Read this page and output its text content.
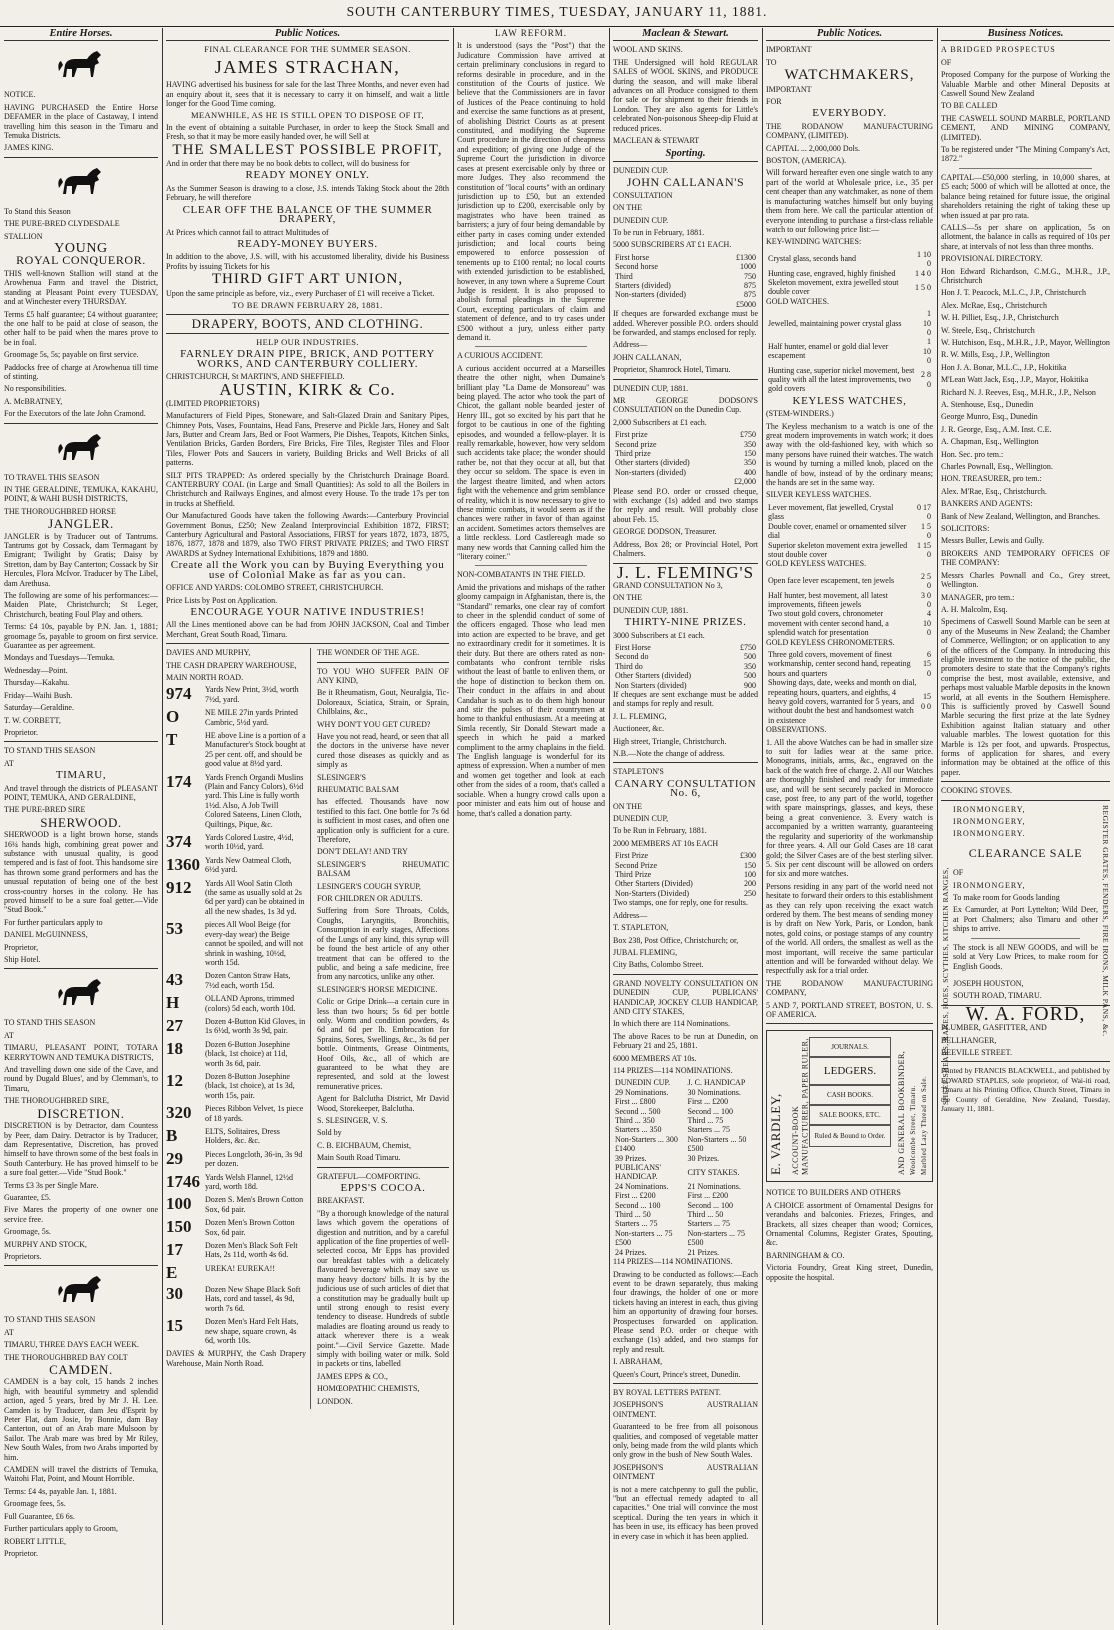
SOUTH CANTERBURY TIMES, TUESDAY, JANUARY 11, 1881.
Entire Horses.

NOTICE.

HAVING PURCHASED the Entire Horse DEFAMER in the place of Castaway, I intend travelling him this season in the Timaru and Temuka Districts.

JAMES KING.

To Stand this Season

THE PURE-BRED CLYDESDALE

STALLION

YOUNG
ROYAL CONQUEROR.

THIS well-known Stallion will stand at the Arowhenua Farm and travel the District, standing at Pleasant Point every TUESDAY, and at Winchester every THURSDAY.

Terms £5 half guarantee; £4 without guarantee; the one half to be paid at close of season, the other half to be paid when the mares prove to be in foal.

Groomage 5s, 5s; payable on first service.

Paddocks free of charge at Arowhenua till time of stinting.

No responsibilities.

A. McBRATNEY,

For the Executors of the late John Cramond.

TO TRAVEL THIS SEASON

IN THE GERALDINE, TEMUKA, KAKAHU, POINT, & WAHI BUSH DISTRICTS,

THE THOROUGHBRED HORSE

JANGLER.

JANGLER is by Traducer out of Tantrums. Tantrums got by Cossack, dam Termagant by Emigrant; Twilight by Gratis; Daisy by Stretton, dam by Bay Canterton; Cossack by Sir Hercules, Flora McIvor. Traducer by The Libel, dam Arethusa.

The following are some of his performances:—Maiden Plate, Christchurch; St Leger, Christchurch, beating Foul Play and others.

Terms: £4 10s, payable by P.N. Jan. 1, 1881; groomage 5s, payable to groom on first service. Guarantee as per agreement.

Mondays and Tuesdays—Temuka.

Wednesday—Point.

Thursday—Kakahu.

Friday—Waihi Bush.

Saturday—Geraldine.

T. W. CORBETT,

Proprietor.

TO STAND THIS SEASON

AT

TIMARU,

And travel through the districts of PLEASANT POINT, TEMUKA, AND GERALDINE,

THE PURE-BRED SIRE

SHERWOOD.

SHERWOOD is a light brown horse, stands 16¼ hands high, combining great power and substance with unusual quality, is good tempered and is fast of foot. This handsome sire has thrown some grand performers and has the unusual reputation of being one of the best cross-country horses in the colony. He has proved himself to be a sure foal getter.—Vide "Stud Book."

For further particulars apply to

DANIEL McGUINNESS,

Proprietor,

Ship Hotel.

TO STAND THIS SEASON

AT

TIMARU, PLEASANT POINT, TOTARA KERRYTOWN AND TEMUKA DISTRICTS,

And travelling down one side of the Cave, and round by Dugald Blues', and by Clemman's, to Timaru,

THE THOROUGHBRED SIRE,

DISCRETION.

DISCRETION is by Detractor, dam Countess by Peer, dam Dairy. Detractor is by Traducer, dam Representative, Discretion, has proved himself to have thrown some of the best foals in South Canterbury. He has proved himself to be a sure foal getter.—Vide "Stud Book."

Terms £3 3s per Single Mare.

Guarantee, £5.

Five Mares the property of one owner one service free.

Groomage, 5s.

MURPHY AND STOCK,

Proprietors.

TO STAND THIS SEASON

AT

TIMARU, THREE DAYS EACH WEEK.

THE THOROUGHBRED BAY COLT

CAMDEN.

CAMDEN is a bay colt, 15 hands 2 inches high, with beautiful symmetry and splendid action, aged 5 years, bred by Mr J. H. Lee. Camden is by Traducer, dam Jeu d'Esprit by Peter Flat, dam Josie, by Bonnie, dam Bay Canterton, out of an Arab mare Mulsoon by Sailor. The Arab mare was bred by Mr Riley, New South Wales, from two Arabs imported by him.

CAMDEN will travel the districts of Temuka, Waitohi Flat, Point, and Mount Horrible.

Terms: £4 4s, payable Jan. 1, 1881.

Groomage fees, 5s.

Full Guarantee, £6 6s.

Further particulars apply to Groom,

ROBERT LITTLE,

Proprietor.

Public Notices.
FINAL CLEARANCE FOR THE SUMMER SEASON.
JAMES STRACHAN,

HAVING advertised his business for sale for the last Three Months, and never even had an enquiry about it, sees that it is necessary to carry it on himself, and wait a little longer for the Good Time coming.

MEANWHILE, AS HE IS STILL OPEN TO DISPOSE OF IT,

In the event of obtaining a suitable Purchaser, in order to keep the Stock Small and Fresh, so that it may be more easily handed over, he will Sell at

THE SMALLEST POSSIBLE PROFIT,

And in order that there may be no book debts to collect, will do business for

READY MONEY ONLY.

As the Summer Season is drawing to a close, J.S. intends Taking Stock about the 28th February, he will therefore

CLEAR OFF THE BALANCE OF THE SUMMER DRAPERY,

At Prices which cannot fail to attract Multitudes of

READY-MONEY BUYERS.

In addition to the above, J.S. will, with his accustomed liberality, divide his Business Profits by issuing Tickets for his

THIRD GIFT ART UNION,

Upon the same principle as before, viz., every Purchaser of £1 will receive a Ticket.

TO BE DRAWN FEBRUARY 28, 1881.
DRAPERY, BOOTS, AND CLOTHING.
HELP OUR INDUSTRIES.
FARNLEY DRAIN PIPE, BRICK, AND POTTERY WORKS, AND CANTERBURY COLLIERY.

CHRISTCHURCH, St MARTIN'S, AND SHEFFIELD.

AUSTIN, KIRK & Co.

(LIMITED PROPRIETORS)

Manufacturers of Field Pipes, Stoneware, and Salt-Glazed Drain and Sanitary Pipes, Chimney Pots, Vases, Fountains, Head Fans, Preserve and Pickle Jars, Honey and Salt Jars, Butter and Cream Jars, Bed or Foot Warmers, Pie Dishes, Teapots, Kitchen Sinks, Ventilation Bricks, Garden Borders, Fire Bricks, Fire Tiles, Register Tiles and Floor Tiles, Flower Pots and Saucers in variety, Building Bricks and Well Bricks of all patterns.

SILT PITS TRAPPED: As ordered specially by the Christchurch Drainage Board. CANTERBURY COAL (in Large and Small Quantities): As sold to all the Boilers in Christchurch and Railways Engines, and almost every House. To the trade 17s per ton in trucks at Sheffield.

Our Manufactured Goods have taken the following Awards:—Canterbury Provincial Government Bonus, £250; New Zealand Interprovincial Exhibition 1872, FIRST; Canterbury Agricultural and Pastoral Associations, FIRST for years 1872, 1873, 1875, 1876, 1877, 1878 and 1879, also TWO FIRST PRIVATE PRIZES; and TWO FIRST AWARDS at Sydney International Exhibitions, 1879 and 1880.

Create all the Work you can by Buying Everything you use of Colonial Make as far as you can.

OFFICE AND YARDS: COLOMBO STREET, CHRISTCHURCH.

Price Lists by Post on Application.

ENCOURAGE YOUR NATIVE INDUSTRIES!

All the Lines mentioned above can be had from JOHN JACKSON, Coal and Timber Merchant, Great South Road, Timaru.

DAVIES AND MURPHY,

THE CASH DRAPERY WAREHOUSE,

MAIN NORTH ROAD.

974	Yards New Print, 3½d, worth 7½d, yard.
O	NE MILE 27in yards Printed Cambric, 5½d yard.
T	HE above Line is a portion of a Manufacturer's Stock bought at 25 per cent. off, and should be good value at 8½d yard.
174	Yards French Organdi Muslins (Plain and Fancy Colors), 6½d yard. This Line is fully worth 1½d. Also, A Job Twill Colored Sateens, Linen Cloth, Quiltings, Pique, &c.
374	Yards Colored Lustre, 4½d, worth 10½d, yard.
1360 Yards New Oatmeal Cloth, 6½d yard.
912	Yards All Wool Satin Cloth (the same as usually sold at 2s 6d per yard) can be obtained in all the new shades, 1s 3d yd.
53	pieces All Wool Beige (for every-day wear) the Beige cannot be spoiled, and will not shrink in washing, 10½d, worth 15d.
43	Dozen Canton Straw Hats, 7½d each, worth 15d.
H	OLLAND Aprons, trimmed (colors) 5d each, worth 10d.
27	Dozen 4-Button Kid Gloves, in 1s 6½d, worth 3s 9d, pair.
18	Dozen 6-Button Josephine (black, 1st choice) at 11d, worth 3s 6d, pair.
12	Dozen 8-Button Josephine (black, 1st choice), at 1s 3d, worth 15s, pair.
320	Pieces Ribbon Velvet, 1s piece of 18 yards.
B	ELTS, Solitaires, Dress Holders, &c. &c.
29	Pieces Longcloth, 36-in, 3s 9d per dozen.
1746 Yards Welsh Flannel, 12½d yard, worth 18d.
100	Dozen S. Men's Brown Cotton Sox, 6d pair.
150	Dozen Men's Brown Cotton Sox, 6d pair.
17	Dozen Men's Black Soft Felt Hats, 2s 11d, worth 4s 6d.
E	UREKA! EUREKA!!
30	Dozen New Shape Black Soft Hats, cord and tassel, 4s 9d, worth 7s 6d.
15	Dozen Men's Hard Felt Hats, new shape, square crown, 4s 6d, worth 10s.

DAVIES & MURPHY, the Cash Drapery Warehouse, Main North Road.

THE WONDER OF THE AGE.

TO YOU WHO SUFFER PAIN OF ANY KIND,

Be it Rheumatism, Gout, Neuralgia, Tic-Doloreaux, Sciatica, Strain, or Sprain, Chilblains, &c.,

WHY DON'T YOU GET CURED?

Have you not read, heard, or seen that all the doctors in the universe have never cured those diseases as quickly and as simply as

SLESINGER'S

RHEUMATIC BALSAM

has effected. Thousands have now testified to this fact. One bottle for 7s 6d is sufficient in most cases, and often one application only is sufficient for a cure. Therefore,

DON'T DELAY! AND TRY

SLESINGER'S RHEUMATIC BALSAM

LESINGER'S COUGH SYRUP,

FOR CHILDREN OR ADULTS.

Suffering from Sore Throats, Colds, Coughs, Laryngitis, Bronchitis, Consumption in early stages, Affections of the Lungs of any kind, this syrup will be found the best article of any other treatment that can be offered to the public, and being a safe medicine, free from any narcotics, unlike any other.

SLESINGER'S HORSE MEDICINE.

Colic or Gripe Drink—a certain cure in less than two hours; 5s 6d per bottle only. Worm and condition powders, 4s 6d and 6d per lb. Embrocation for Sprains, Sores, Swellings, &c., 3s 6d per bottle. Ointments, Grease Ointments, Hoof Oils, &c., all of which are guaranteed to be what they are represented, and sold at the lowest remunerative prices.

Agent for Balclutha District, Mr David Wood, Storekeeper, Balclutha.

S. SLESINGER, V. S.

Sold by

C. B. EICHBAUM, Chemist,

Main South Road Timaru.

GRATEFUL—COMFORTING.

EPPS'S COCOA.

BREAKFAST.

"By a thorough knowledge of the natural laws which govern the operations of digestion and nutrition, and by a careful application of the fine properties of well-selected cocoa, Mr Epps has provided our breakfast tables with a delicately flavoured beverage which may save us many heavy doctors' bills. It is by the judicious use of such articles of diet that a constitution may be gradually built up until strong enough to resist every tendency to disease. Hundreds of subtle maladies are floating around us ready to attack wherever there is a weak point."—Civil Service Gazette. Made simply with boiling water or milk. Sold in packets or tins, labelled

JAMES EPPS & CO.,

HOMŒOPATHIC CHEMISTS,

LONDON.

LAW REFORM.

It is understood (says the "Post") that the Judicature Commission have arrived at certain preliminary conclusions in regard to reforms desirable in procedure, and in the constitution of the Courts of justice. We believe that the Commissioners are in favor of Justices of the Peace continuing to hold and exercise the same functions as at present, of abolishing District Courts as at present constituted, and modifying the Supreme Court procedure in the direction of cheapness and expedition; of giving one Judge of the Supreme Court the jurisdiction in divorce cases at present exercisable only by three or more Judges. They also recommend the constitution of "local courts" with an ordinary jurisdiction up to £50, but an extended jurisdiction up to £200, exercisable only by magistrates who have been trained as barristers; a jury of four being demandable by either party in cases coming under extended jurisdiction; and local courts being empowered to enforce possession of tenements up to £100 rental; no local courts with extended jurisdiction to be established, however, in any town where a Supreme Court Judge is resident. It is also proposed to abolish formal pleadings in the Supreme Court, excepting particulars of claim and statement of defence, and to try cases under £500 without a jury, unless either party demand it.

A CURIOUS ACCIDENT.

A curious accident occurred at a Marseilles theatre the other night, when Dumaine's brilliant play "La Dame de Monsoreau" was being played. The actor who took the part of Chicot, the gallant noble bearded jester of Henry III., got so excited by his part that he forgot to be cautious in one of the fighting episodes, and wounded a fellow-player. It is really remarkable, however, how very seldom such accidents take place; the wonder should rather be, not that they occur at all, but that they occur so seldom. The space is even in the largest theatre limited, and when actors fight with the vehemence and grim semblance of reality, which it is now necessary to give to these mimic combats, it would seem as if the chances were rather in favor of than against an accident. Sometimes actors themselves are a little reckless. Lord Castlereagh made so many new words that Canning called him the "literary coiner."

NON-COMBATANTS IN THE FIELD.

Amid the privations and mishaps of the rather gloomy campaign in Afghanistan, there is, the "Standard" remarks, one clear ray of comfort to cheer in the splendid conduct of some of the officers engaged. Those who lead men into action are expected to be brave, and get no extraordinary credit for it sometimes. It is their duty. But there are others rated as non-combatants who confront terrible risks without the least of battle to enliven them, or the hope of distinction to beckon them on. Their conduct in the affairs in and about Candahar is such as to do them high honour and stir the pulses of their countrymen at home to thankful enthusiasm. At a meeting at Simla recently, Sir Donald Stewart made a speech in which he paid a marked compliment to the army chaplains in the field. The English language is wonderful for its aptness of expression. When a number of men and women get together and look at each other from the sides of a room, that's called a sociable. When a hungry crowd calls upon a poor minister and eats him out of house and home, that's called a donation party.

Maclean & Stewart.

WOOL AND SKINS.

THE Undersigned will hold REGULAR SALES of WOOL SKINS, and PRODUCE during the season, and will make liberal advances on all Produce consigned to them for sale or for shipment to their friends in London. They are also agents for Little's celebrated Non-poisonous Sheep-dip Fluid at reduced prices.

MACLEAN & STEWART

Sporting.

DUNEDIN CUP.

JOHN CALLANAN'S

CONSULTATION

ON THE

DUNEDIN CUP.

To be run in February, 1881.

5000 SUBSCRIBERS AT £1 EACH.

First horse	£1300
Second horse	1000
Third	750
Starters (divided)	875
Non-starters (divided)	875
	£5000

If cheques are forwarded exchange must be added. Wherever possible P.O. orders should be forwarded, and stamps enclosed for reply.

Address—

JOHN CALLANAN,

Proprietor, Shamrock Hotel, Timaru.

DUNEDIN CUP, 1881.

MR GEORGE DODSON'S CONSULTATION on the Dunedin Cup.

2,000 Subscribers at £1 each.

First prize	£750
Second prize	350
Third prize	150
Other starters (divided)	350
Non-starters (divided)	400
	£2,000

Please send P.O. order or crossed cheque, with exchange (1s) added and two stamps for reply and result. Will probably close about Feb. 15.

GEORGE DODSON, Treasurer.

Address, Box 28; or Provincial Hotel, Port Chalmers.

J. L. FLEMING'S

GRAND CONSULTATION No 3,

ON THE

DUNEDIN CUP, 1881.

THIRTY-NINE PRIZES.

3000 Subscribers at £1 each.

First Horse	£750
Second do	500
Third do	350
Other Starters (divided)	500
Non Starters (divided)	900

If cheques are sent exchange must be added and stamps for reply and result.

J. L. FLEMING,

Auctioneer, &c.

High street, Triangle, Christchurch.

N.B.—Note the change of address.

STAPLETON'S

CANARY CONSULTATION No. 6,

ON THE

DUNEDIN CUP,

To be Run in February, 1881.

2000 MEMBERS AT 10s EACH

First Prize	£300
Second Prize	150
Third Prize	100
Other Starters (Divided)	200
Non-Starters (Divided)	250

Two stamps, one for reply, one for results.

Address—

T. STAPLETON,

Box 238, Post Office, Christchurch; or,

JUBAL FLEMING,

City Baths, Colombo Street.

GRAND NOVELTY CONSULTATION ON DUNEDIN CUP, PUBLICANS' HANDICAP, JOCKEY CLUB HANDICAP, AND CITY STAKES,

In which there are 114 Nominations.

The above Races to be run at Dunedin, on February 21 and 25, 1881.

6000 MEMBERS AT 10s.

114 PRIZES—114 NOMINATIONS.

DUNEDIN CUP.	J. C. HANDICAP
29 Nominations.	30 Nominations.
First ... £800	First ... £200
Second ... 500	Second ... 100
Third ... 350	Third ... 75
Starters ... 350	Starters ... 75
Non-Starters ... 300	Non-Starters ... 50
£1400	£500
39 Prizes.	30 Prizes.
PUBLICANS' HANDICAP.	CITY STAKES.
24 Nominations.	21 Nominations.
First ... £200	First ... £200
Second ... 100	Second ... 100
Third ... 50	Third ... 50
Starters ... 75	Starters ... 75
Non-starters ... 75	Non-starters ... 75
£500	£500
24 Prizes.	21 Prizes.

114 PRIZES—114 NOMINATIONS.

Drawing to be conducted as follows:—Each event to be drawn separately, thus making four drawings, the holder of one or more tickets having an interest in each, thus giving him an opportunity of drawing four horses. Prospectuses forwarded on application. Please send P.O. order or cheque with exchange (1s) added, and two stamps for reply and result.

I. ABRAHAM,

Queen's Court, Prince's street, Dunedin.

BY ROYAL LETTERS PATENT.

JOSEPHSON'S AUSTRALIAN OINTMENT.

Guaranteed to be free from all poisonous qualities, and composed of vegetable matter only, being made from the wild plants which only grow in the bush of New South Wales.

JOSEPHSON'S AUSTRALIAN OINTMENT

is not a mere catchpenny to gull the public, "but an effectual remedy adapted to all capacities." One trial will convince the most sceptical. During the ten years in which it has been in use, its efficacy has been proved in every case in which it has been applied.

Public Notices.

IMPORTANT

TO

WATCHMAKERS,

IMPORTANT

FOR

EVERYBODY.

THE RODANOW MANUFACTURING COMPANY, (LIMITED).

CAPITAL ... 2,000,000 Dols.

BOSTON, (AMERICA).

Will forward hereafter even one single watch to any part of the world at Wholesale price, i.e., 35 per cent cheaper than any watchmaker, as none of them is manufacturing watches himself but only buying them from here. We call the particular attention of everyone intending to purchase a first-class reliable watch to our following price list:—

KEY-WINDING WATCHES:

Crystal glass, seconds hand	1 10 0
Hunting case, engraved, highly finished	1 4 0
Skeleton movement, extra jewelled stout double cover	1 5 0

GOLD WATCHES.

Jewelled, maintaining power crystal glass	1 10 0
Half hunter, enamel or gold dial lever escapement	1 10 0
Hunting case, superior nickel movement, best quality with all the latest improvements, two gold covers	2 8 0
KEYLESS WATCHES,

(STEM-WINDERS.)

The Keyless mechanism to a watch is one of the great modern improvements in watch work; it does away with the old-fashioned key, with which so many persons have ruined their watches. The watch is wound by turning a milled knob, placed on the handle of bow, instead of by the ordinary means; the hands are set in the same way.

SILVER KEYLESS WATCHES.

Lever movement, flat jewelled, Crystal glass	0 17 0
Double cover, enamel or ornamented silver dial	1 5 0
Superior skeleton movement extra jewelled stout double cover	1 15 0

GOLD KEYLESS WATCHES.

Open face lever escapement, ten jewels	2 5 0
Half hunter, best movement, all latest improvements, fifteen jewels	3 0 0
Two stout gold covers, chronometer movement with center second hand, a splendid watch for presentation	4 10 0

GOLD KEYLESS CHRONOMETERS.

Three gold covers, movement of finest workmanship, center second hand, repeating hours and quarters	6 15 0
Showing days, date, weeks and month on dial, repeating hours, quarters, and eighths, 4 heavy gold covers, warranted for 5 years, and without doubt the best and handsomest watch in existence	15 0 0

OBSERVATIONS.

1. All the above Watches can be had in smaller size to suit for ladies wear at the same price. Monograms, initials, arms, &c., engraved on the back of the watch free of charge. 2. All our Watches are thoroughly finished and ready for immediate use, and will be sent securely packed in Morocco case, post free, to any part of the world, together with spare mainsprings, glasses, and keys, these being a great convenience. 3. Every watch is accompanied by a written warranty, guaranteeing the regularity and superiority of the workmanship for three years. 4. All our Gold Cases are 18 carat gold; the Silver Cases are of the best sterling silver. 5. Six per cent discount will be allowed on orders for six and more watches.

Persons residing in any part of the world need not hesitate to forward their orders to this establishment as they can rely upon receiving the exact watch ordered by them. The best means of sending money is by draft on New York, Paris, or London, bank notes, gold coins, or postage stamps of any country of the world. All orders, the smallest as well as the most important, will receive the same particular attention and will be forwarded without delay. We respectfully ask for a trial order.

THE RODANOW MANUFACTURING COMPANY,

5 AND 7, PORTLAND STREET, BOSTON, U. S. OF AMERICA.

E. VARDLEY, ACCOUNT-BOOK MANUFACTURER, PAPER RULER,	AND GENERAL BOOKBINDER, Woolcombe Street, Timaru. Marbled Lazy Thread on Sale.
JOURNALS. LEDGERS. CASH BOOKS. SALE BOOKS, ETC. Ruled & Bound to Order.

NOTICE TO BUILDERS AND OTHERS

A CHOICE assortment of Ornamental Designs for verandahs and balconies. Friezes, Fringes, and Brackets, all sizes cheaper than wood; Cornices, Ornamental Columns, Register Grates, Spouting, &c.

BARNINGHAM & CO.

Victoria Foundry, Great King street, Dunedin, opposite the hospital.

Business Notices.

A BRIDGED PROSPECTUS

OF

Proposed Company for the purpose of Working the Valuable Marble and other Mineral Deposits at Caswell Sound New Zealand

TO BE CALLED

THE CASWELL SOUND MARBLE, PORTLAND CEMENT, AND MINING COMPANY, (LIMITED).

To be registered under "The Mining Company's Act, 1872."

CAPITAL—£50,000 sterling, in 10,000 shares, at £5 each; 5000 of which will be allotted at once, the balance being retained for future issue, the original shareholders retaining the right of taking these up when issued at par pro rata.

CALLS—5s per share on application, 5s on allotment, the balance in calls as required of 10s per share, at intervals of not less than three months.

PROVISIONAL DIRECTORY.

Hon Edward Richardson, C.M.G., M.H.R., J.P., Christchurch

Hon J. T. Peacock, M.L.C., J.P., Christchurch

Alex. McRae, Esq., Christchurch

W. H. Pilliet, Esq., J.P., Christchurch

W. Steele, Esq., Christchurch

W. Hutchison, Esq., M.H.R., J.P., Mayor, Wellington

R. W. Mills, Esq., J.P., Wellington

Hon J. A. Bonar, M.L.C., J.P., Hokitika

M'Lean Watt Jack, Esq., J.P., Mayor, Hokitika

Richard N. J. Reeves, Esq., M.H.R., J.P., Nelson

A. Stenhouse, Esq., Dunedin

George Munro, Esq., Dunedin

J. R. George, Esq., A.M. Inst. C.E.

A. Chapman, Esq., Wellington

Hon. Sec. pro tem.:

Charles Pownall, Esq., Wellington.

HON. TREASURER, pro tem.:

Alex. M'Rae, Esq., Christchurch.

BANKERS AND AGENTS:

Bank of New Zealand, Wellington, and Branches.

SOLICITORS:

Messrs Buller, Lewis and Gully.

BROKERS AND TEMPORARY OFFICES OF THE COMPANY:

Messrs Charles Pownall and Co., Grey street, Wellington.

MANAGER, pro tem.:

A. H. Malcolm, Esq.

Specimens of Caswell Sound Marble can be seen at any of the Museums in New Zealand; the Chamber of Commerce, Wellington; or on application to any of the officers of the Company. In introducing this eligible investment to the notice of the public, the promoters desire to state that the Company's rights comprise the best, most available, extensive, and perhaps most valuable Marble deposits in the known world, at all events in the Southern Hemisphere. This is sufficiently proved by Caswell Sound Marble securing the first prize at the late Sydney Exhibition against Italian statuary and other valuable marbles. The lowest quotation for this Marble is 12s per foot, and upwards. Prospectus, forms of application for shares, and every information may be obtained at the office of this paper.

COOKING STOVES.

SHEEP SHEARS, RAKES, HOES, SCYTHES, KITCHEN RANGES,	REGISTER GRATES, FENDERS, FIRE IRONS, MILK PANS, &c.

IRONMONGERY,

IRONMONGERY,

IRONMONGERY.

CLEARANCE SALE

OF

IRONMONGERY,

To make room for Goods landing

Ex Camurder, at Port Lyttelton; Wild Deer, at Port Chalmers; also Timaru and other ships to arrive.

The stock is all NEW GOODS, and will be sold at Very Low Prices, to make room for English Goods.

JOSEPH HOUSTON,

SOUTH ROAD, TIMARU.

W. A. FORD,

PLUMBER, GASFITTER, AND

BELLHANGER,

BEEVILLE STREET.

Printed by FRANCIS BLACKWELL, and published by EDWARD STAPLES, sole proprietor, of Wai-iti road, Timaru at his Printing Office, Church Street, Timaru in the County of Geraldine, New Zealand, Tuesday, January 11, 1881.
